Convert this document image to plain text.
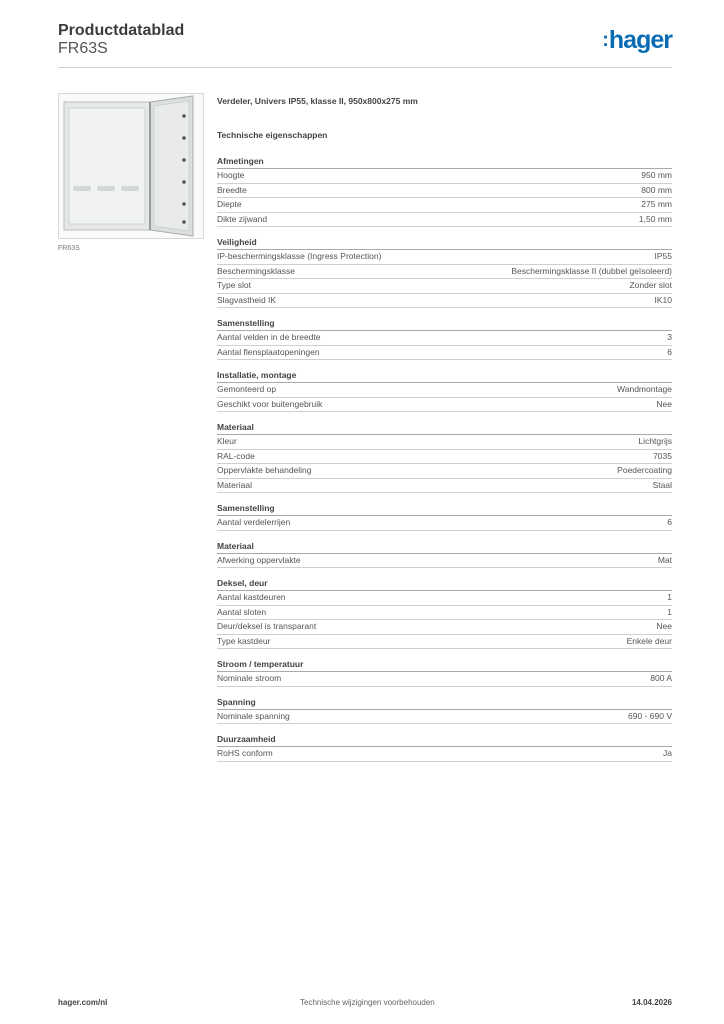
Productdatablad
FR63S	:hager
FR63S
Verdeler, Univers IP55, klasse II, 950x800x275 mm
Technische eigenschappen
Afmetingen
Hoogte	950 mm
Breedte	800 mm
Diepte	275 mm
Dikte zijwand	1,50 mm
Veiligheid
IP-beschermingsklasse (Ingress Protection)	IP55
Beschermingsklasse	Beschermingsklasse II (dubbel geïsoleerd)
Type slot	Zonder slot
Slagvastheid IK	IK10
Samenstelling
Aantal velden in de breedte	3
Aantal flensplaatopeningen	6
Installatie, montage
Gemonteerd op	Wandmontage
Geschikt voor buitengebruik	Nee
Materiaal
Kleur	Lichtgrijs
RAL-code	7035
Oppervlakte behandeling	Poedercoating
Materiaal	Staal
Samenstelling
Aantal verdelerrijen	6
Materiaal
Afwerking oppervlakte	Mat
Deksel, deur
Aantal kastdeuren	1
Aantal sloten	1
Deur/deksel is transparant	Nee
Type kastdeur	Enkele deur
Stroom / temperatuur
Nominale stroom	800 A
Spanning
Nominale spanning	690 - 690 V
Duurzaamheid
RoHS conform	Ja
hager.com/nl	Technische wijzigingen voorbehouden	14.04.2026
